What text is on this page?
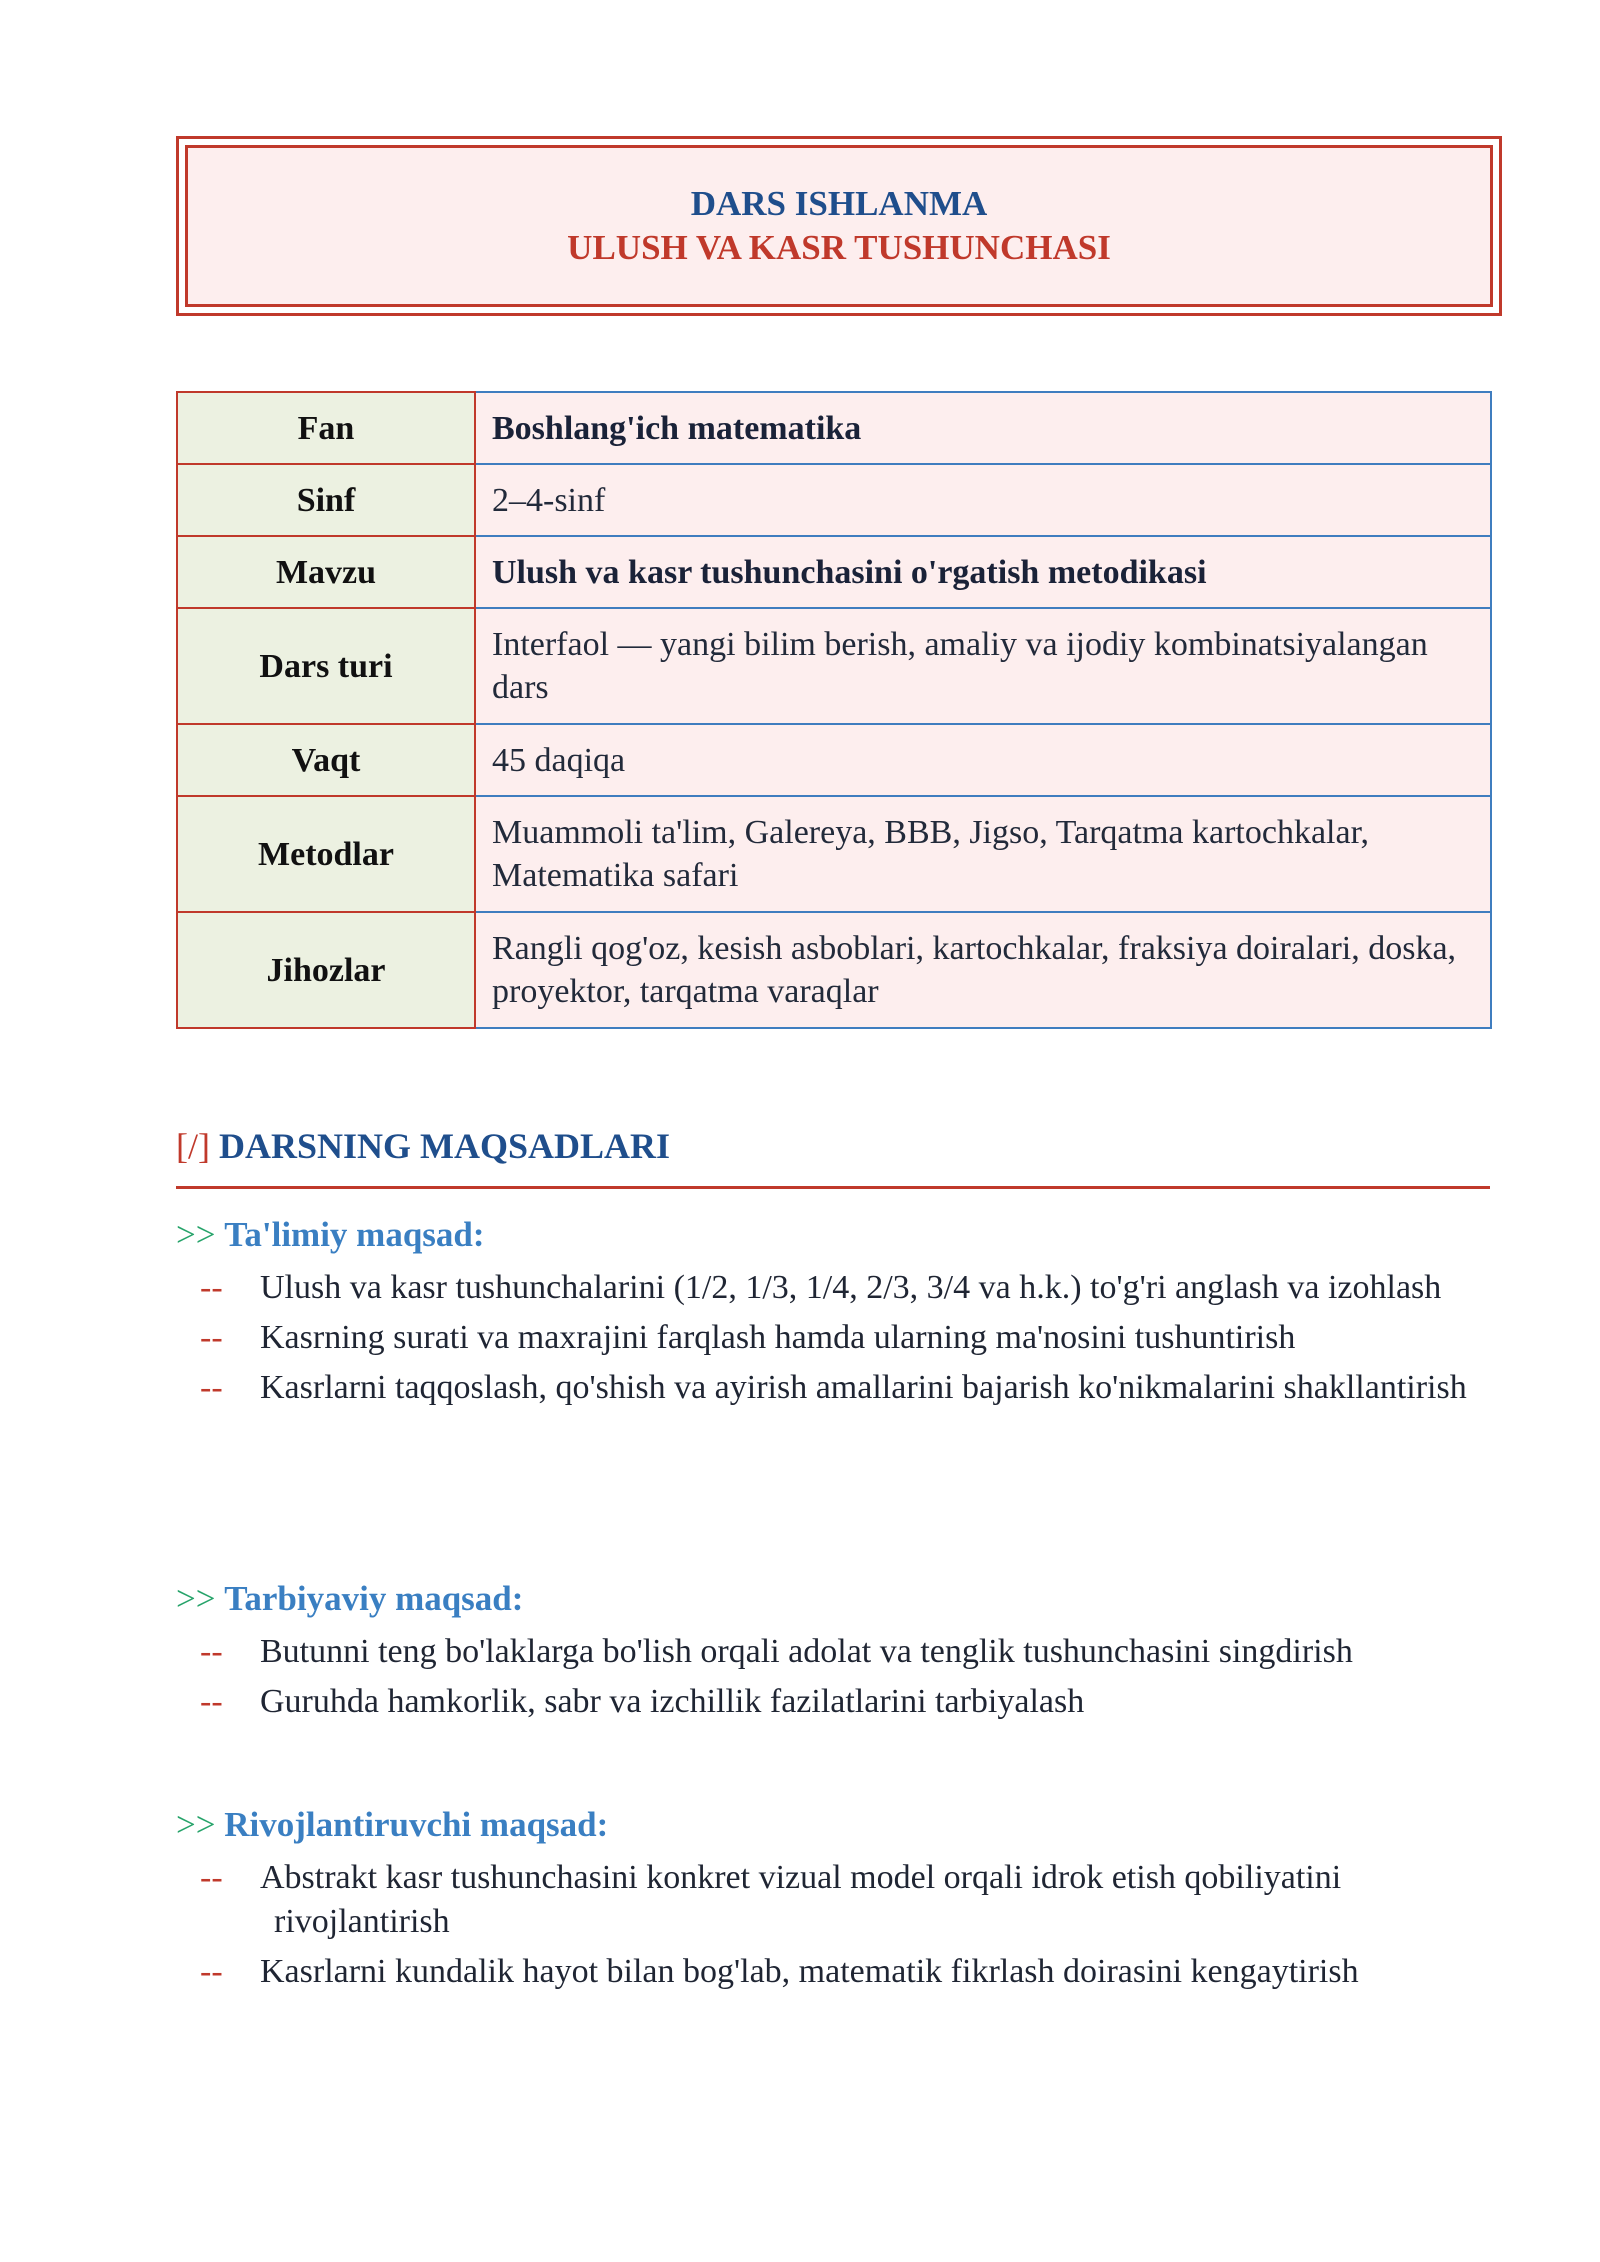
DARS ISHLANMA
ULUSH VA KASR TUSHUNCHASI
Fan	Boshlang'ich matematika
Sinf	2–4-sinf
Mavzu	Ulush va kasr tushunchasini o'rgatish metodikasi
Dars turi	Interfaol — yangi bilim berish, amaliy va ijodiy kombinatsiyalangan dars
Vaqt	45 daqiqa
Metodlar	Muammoli ta'lim, Galereya, BBB, Jigso, Tarqatma kartochkalar, Matematika safari
Jihozlar	Rangli qog'oz, kesish asboblari, kartochkalar, fraksiya doiralari, doska, proyektor, tarqatma varaqlar
[/] DARSNING MAQSADLARI
>> Ta'limiy maqsad:
--	Ulush va kasr tushunchalarini (1/2, 1/3, 1/4, 2/3, 3/4 va h.k.) to'g'ri anglash va izohlash
--	Kasrning surati va maxrajini farqlash hamda ularning ma'nosini tushuntirish
--	Kasrlarni taqqoslash, qo'shish va ayirish amallarini bajarish ko'nikmalarini shakllantirish
>> Tarbiyaviy maqsad:
--	Butunni teng bo'laklarga bo'lish orqali adolat va tenglik tushunchasini singdirish
--	Guruhda hamkorlik, sabr va izchillik fazilatlarini tarbiyalash
>> Rivojlantiruvchi maqsad:
--	Abstrakt kasr tushunchasini konkret vizual model orqali idrok etish qobiliyatini rivojlantirish
--	Kasrlarni kundalik hayot bilan bog'lab, matematik fikrlash doirasini kengaytirish
